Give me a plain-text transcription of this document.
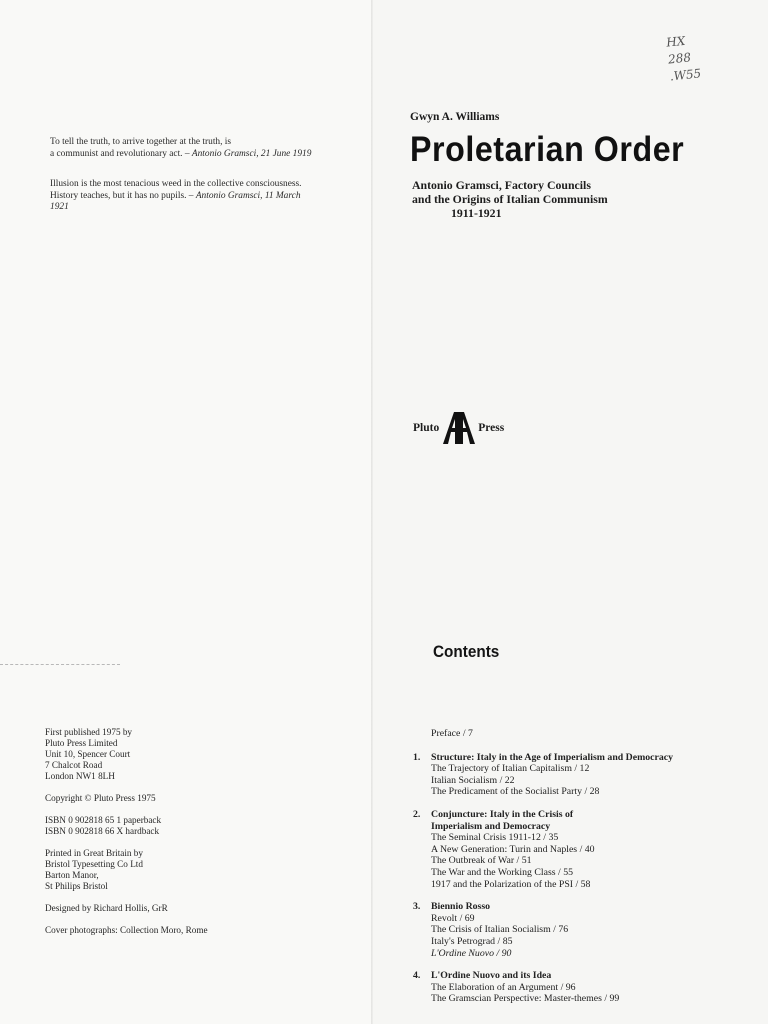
To tell the truth, to arrive together at the truth, is
a communist and revolutionary act. – Antonio Gramsci, 21 June 1919
Illusion is the most tenacious weed in the collective consciousness.
History teaches, but it has no pupils. – Antonio Gramsci, 11 March
1921
First published 1975 by
Pluto Press Limited
Unit 10, Spencer Court
7 Chalcot Road
London NW1 8LH
Copyright © Pluto Press 1975
ISBN 0 902818 65 1 paperback
ISBN 0 902818 66 X hardback
Printed in Great Britain by
Bristol Typesetting Co Ltd
Barton Manor,
St Philips Bristol
Designed by Richard Hollis, GrR
Cover photographs: Collection Moro, Rome
HX
288
.W55
Gwyn A. Williams
Proletarian Order
Antonio Gramsci, Factory Councils
and the Origins of Italian Communism
1911-1921
Pluto	Press
Contents
Preface / 7
1.	Structure: Italy in the Age of Imperialism and Democracy
The Trajectory of Italian Capitalism / 12
Italian Socialism / 22
The Predicament of the Socialist Party / 28
2.	Conjuncture: Italy in the Crisis of
Imperialism and Democracy
The Seminal Crisis 1911-12 / 35
A New Generation: Turin and Naples / 40
The Outbreak of War / 51
The War and the Working Class / 55
1917 and the Polarization of the PSI / 58
3.	Biennio Rosso
Revolt / 69
The Crisis of Italian Socialism / 76
Italy's Petrograd / 85
L'Ordine Nuovo / 90
4.	L'Ordine Nuovo and its Idea
The Elaboration of an Argument / 96
The Gramscian Perspective: Master-themes / 99
